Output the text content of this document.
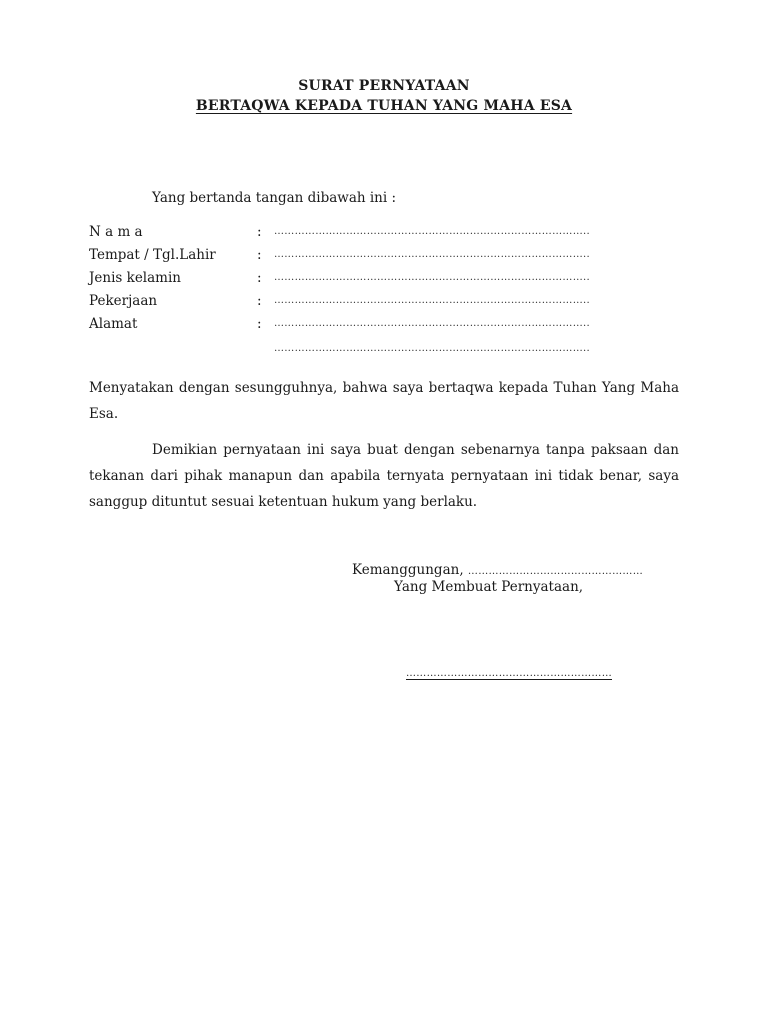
SURAT PERNYATAAN
BERTAQWA KEPADA TUHAN YANG MAHA ESA
Yang bertanda tangan dibawah ini :
N a m a	: ………………………………………………………………………………..
Tempat / Tgl.Lahir	: ………………………………………………………………………………..
Jenis kelamin	: ………………………………………………………………………………..
Pekerjaan	: ………………………………………………………………………………..
Alamat	: ………………………………………………………………………………..
………………………………………………………………………………..
Menyatakan dengan sesungguhnya, bahwa saya bertaqwa kepada Tuhan Yang Maha Esa.
Demikian pernyataan ini saya buat dengan sebenarnya tanpa paksaan dan tekanan dari pihak manapun dan apabila ternyata pernyataan ini tidak benar, saya sanggup dituntut sesuai ketentuan hukum yang berlaku.
Kemanggungan, ……………………………………………
Yang Membuat Pernyataan,
……………………………………………………
